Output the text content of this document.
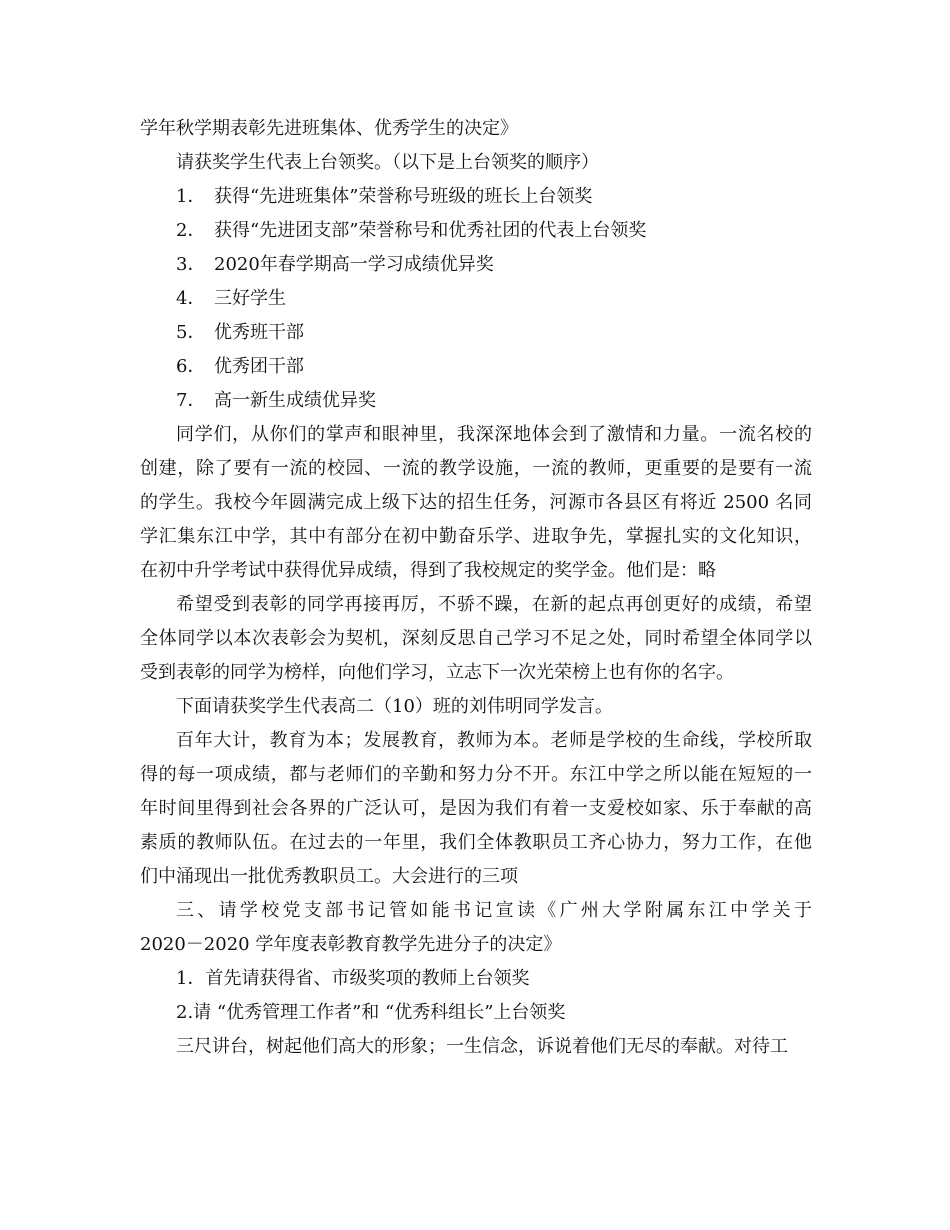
学年秋学期表彰先进班集体、优秀学生的决定》
请获奖学生代表上台领奖。（以下是上台领奖的顺序）
1． 获得“先进班集体”荣誉称号班级的班长上台领奖
2． 获得“先进团支部”荣誉称号和优秀社团的代表上台领奖
3． 2020年春学期高一学习成绩优异奖
4． 三好学生
5． 优秀班干部
6． 优秀团干部
7． 高一新生成绩优异奖
同学们，从你们的掌声和眼神里，我深深地体会到了激情和力量。一流名校的
创建，除了要有一流的校园、一流的教学设施，一流的教师，更重要的是要有一流
的学生。我校今年圆满完成上级下达的招生任务，河源市各县区有将近 2500 名同
学汇集东江中学，其中有部分在初中勤奋乐学、进取争先，掌握扎实的文化知识，
在初中升学考试中获得优异成绩，得到了我校规定的奖学金。他们是：略
希望受到表彰的同学再接再厉，不骄不躁，在新的起点再创更好的成绩，希望
全体同学以本次表彰会为契机，深刻反思自己学习不足之处，同时希望全体同学以
受到表彰的同学为榜样，向他们学习，立志下一次光荣榜上也有你的名字。
下面请获奖学生代表高二（10）班的刘伟明同学发言。
百年大计，教育为本；发展教育，教师为本。老师是学校的生命线，学校所取
得的每一项成绩，都与老师们的辛勤和努力分不开。东江中学之所以能在短短的一
年时间里得到社会各界的广泛认可，是因为我们有着一支爱校如家、乐于奉献的高
素质的教师队伍。在过去的一年里，我们全体教职员工齐心协力，努力工作，在他
们中涌现出一批优秀教职员工。大会进行的三项
三、请学校党支部书记管如能书记宣读《广州大学附属东江中学关于
2020－2020 学年度表彰教育教学先进分子的决定》
1．首先请获得省、市级奖项的教师上台领奖
2.请 “优秀管理工作者”和 “优秀科组长”上台领奖
三尺讲台，树起他们高大的形象；一生信念，诉说着他们无尽的奉献。对待工
